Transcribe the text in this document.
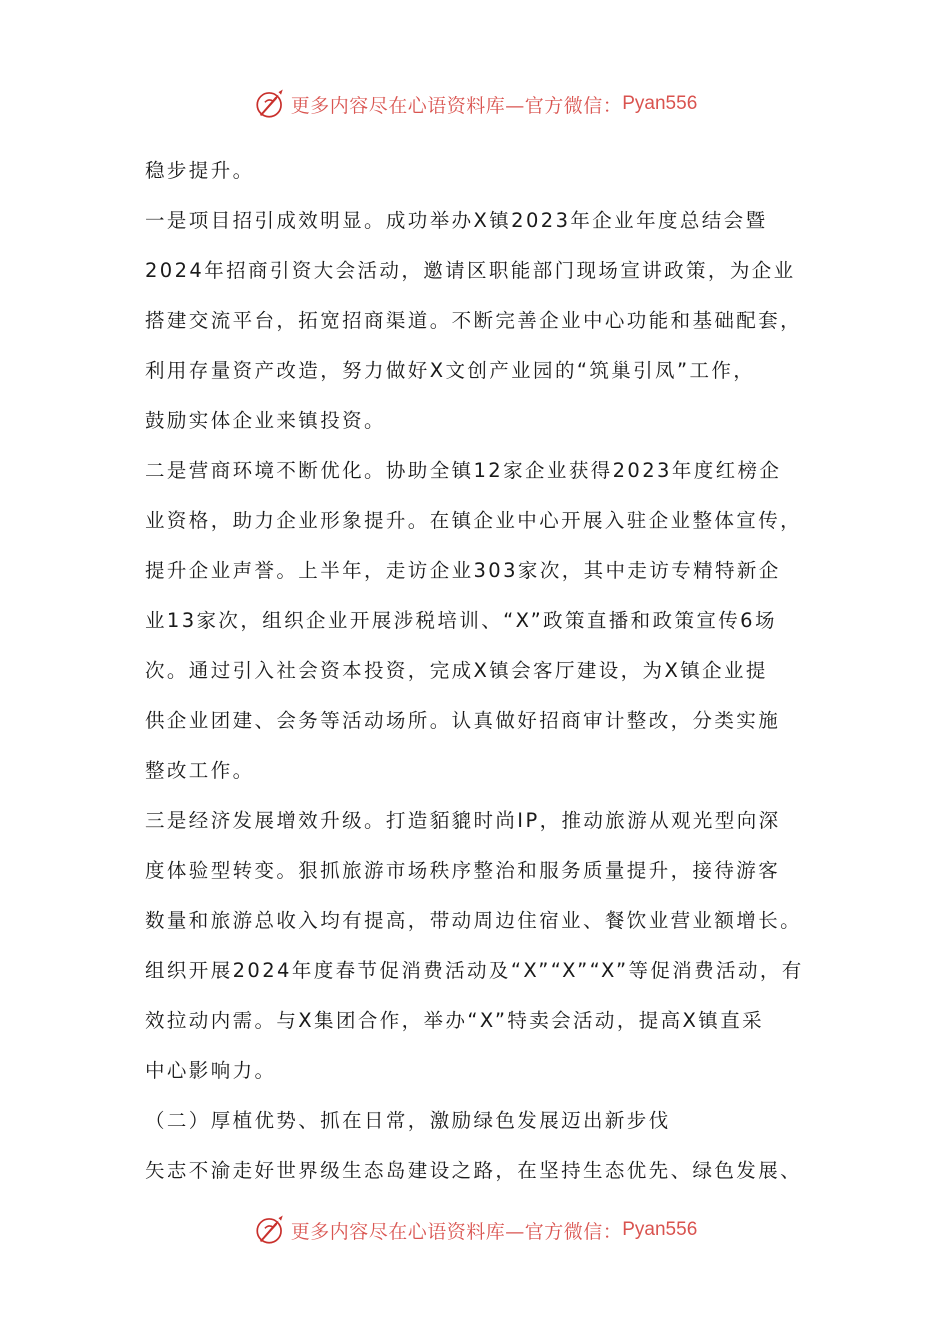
更多内容尽在心语资料库—官方微信： Pyan556
稳步提升。
一是项目招引成效明显。成功举办X镇2023年企业年度总结会暨
2024年招商引资大会活动，邀请区职能部门现场宣讲政策，为企业
搭建交流平台，拓宽招商渠道。不断完善企业中心功能和基础配套，
利用存量资产改造，努力做好X文创产业园的“筑巢引凤”工作，
鼓励实体企业来镇投资。
二是营商环境不断优化。协助全镇12家企业获得2023年度红榜企
业资格，助力企业形象提升。在镇企业中心开展入驻企业整体宣传，
提升企业声誉。上半年，走访企业303家次，其中走访专精特新企
业13家次，组织企业开展涉税培训、“X”政策直播和政策宣传6场
次。通过引入社会资本投资，完成X镇会客厅建设，为X镇企业提
供企业团建、会务等活动场所。认真做好招商审计整改，分类实施
整改工作。
三是经济发展增效升级。打造貊貔时尚IP，推动旅游从观光型向深
度体验型转变。狠抓旅游市场秩序整治和服务质量提升，接待游客
数量和旅游总收入均有提高，带动周边住宿业、餐饮业营业额增长。
组织开展2024年度春节促消费活动及“X”“X”“X”等促消费活动，有
效拉动内需。与X集团合作，举办“X”特卖会活动，提高X镇直采
中心影响力。
（二）厚植优势、抓在日常，激励绿色发展迈出新步伐
矢志不渝走好世界级生态岛建设之路，在坚持生态优先、绿色发展、
更多内容尽在心语资料库—官方微信： Pyan556
